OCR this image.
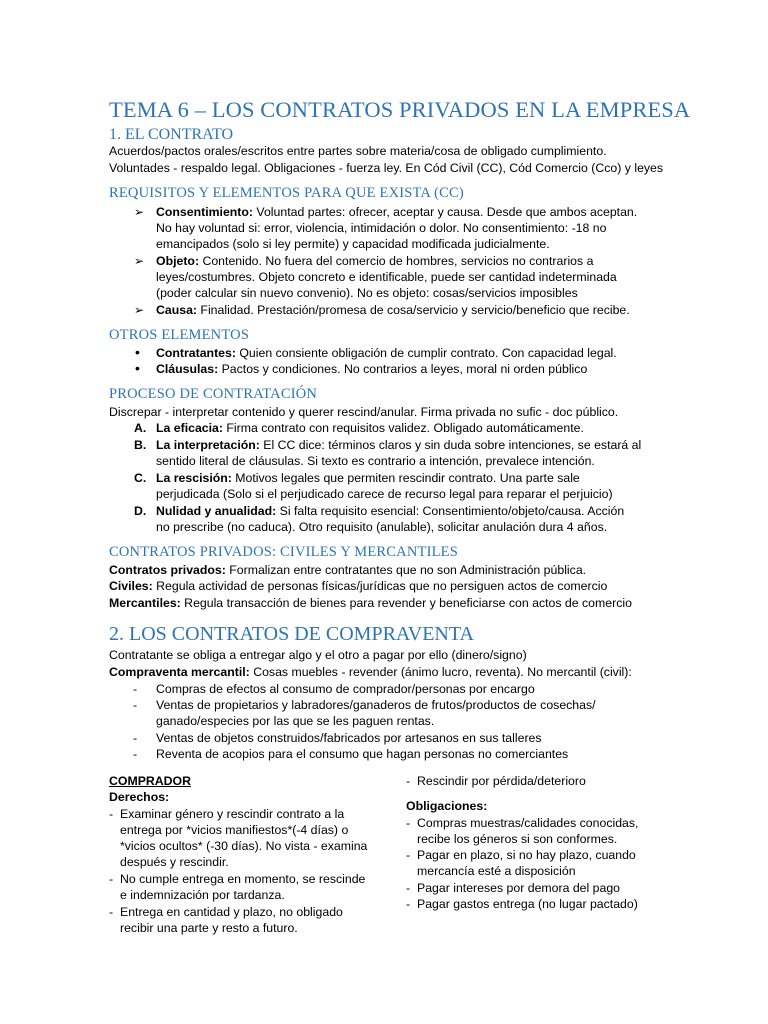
TEMA 6 – LOS CONTRATOS PRIVADOS EN LA EMPRESA
1. EL CONTRATO
Acuerdos/pactos orales/escritos entre partes sobre materia/cosa de obligado cumplimiento.
Voluntades - respaldo legal. Obligaciones - fuerza ley. En Cód Civil (CC), Cód Comercio (Cco) y leyes
REQUISITOS Y ELEMENTOS PARA QUE EXISTA (CC)
➢ Consentimiento: Voluntad partes: ofrecer, aceptar y causa. Desde que ambos aceptan.
No hay voluntad si: error, violencia, intimidación o dolor. No consentimiento: -18 no
emancipados (solo si ley permite) y capacidad modificada judicialmente.
➢ Objeto: Contenido. No fuera del comercio de hombres, servicios no contrarios a
leyes/costumbres. Objeto concreto e identificable, puede ser cantidad indeterminada
(poder calcular sin nuevo convenio). No es objeto: cosas/servicios imposibles
➢ Causa: Finalidad. Prestación/promesa de cosa/servicio y servicio/beneficio que recibe.
OTROS ELEMENTOS
• Contratantes: Quien consiente obligación de cumplir contrato. Con capacidad legal.
• Cláusulas: Pactos y condiciones. No contrarios a leyes, moral ni orden público
PROCESO DE CONTRATACIÓN
Discrepar - interpretar contenido y querer rescind/anular. Firma privada no sufic - doc público.
A. La eficacia: Firma contrato con requisitos validez. Obligado automáticamente.
B. La interpretación: El CC dice: términos claros y sin duda sobre intenciones, se estará al
sentido literal de cláusulas. Si texto es contrario a intención, prevalece intención.
C. La rescisión: Motivos legales que permiten rescindir contrato. Una parte sale
perjudicada (Solo si el perjudicado carece de recurso legal para reparar el perjuicio)
D. Nulidad y anualidad: Si falta requisito esencial: Consentimiento/objeto/causa. Acción
no prescribe (no caduca). Otro requisito (anulable), solicitar anulación dura 4 años.
CONTRATOS PRIVADOS: CIVILES Y MERCANTILES
Contratos privados: Formalizan entre contratantes que no son Administración pública.
Civiles: Regula actividad de personas físicas/jurídicas que no persiguen actos de comercio
Mercantiles: Regula transacción de bienes para revender y beneficiarse con actos de comercio
2. LOS CONTRATOS DE COMPRAVENTA
Contratante se obliga a entregar algo y el otro a pagar por ello (dinero/signo)
Compraventa mercantil: Cosas muebles - revender (ánimo lucro, reventa). No mercantil (civil):
- Compras de efectos al consumo de comprador/personas por encargo
- Ventas de propietarios y labradores/ganaderos de frutos/productos de cosechas/
ganado/especies por las que se les paguen rentas.
- Ventas de objetos construidos/fabricados por artesanos en sus talleres
- Reventa de acopios para el consumo que hagan personas no comerciantes
COMPRADOR
Derechos:
- Examinar género y rescindir contrato a la
entrega por *vicios manifiestos*(-4 días) o
*vicios ocultos* (-30 días). No vista - examina
después y rescindir.
- No cumple entrega en momento, se rescinde
e indemnización por tardanza.
- Entrega en cantidad y plazo, no obligado
recibir una parte y resto a futuro.
- Rescindir por pérdida/deterioro
Obligaciones:
- Compras muestras/calidades conocidas,
recibe los géneros si son conformes.
- Pagar en plazo, si no hay plazo, cuando
mercancía esté a disposición
- Pagar intereses por demora del pago
- Pagar gastos entrega (no lugar pactado)
